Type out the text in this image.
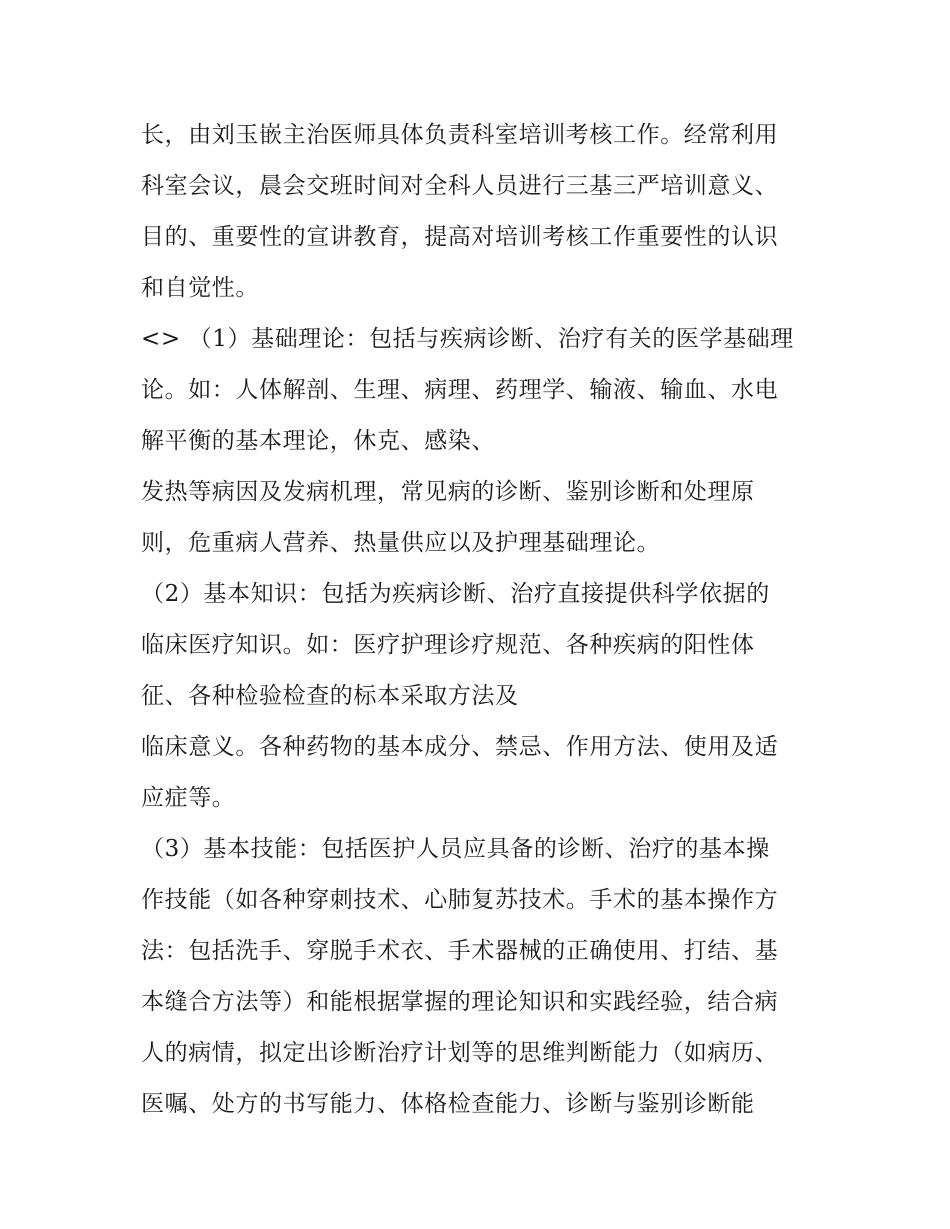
长，由刘玉嵌主治医师具体负责科室培训考核工作。经常利用
科室会议，晨会交班时间对全科人员进行三基三严培训意义、
目的、重要性的宣讲教育，提高对培训考核工作重要性的认识
和自觉性。
<> （1）基础理论：包括与疾病诊断、治疗有关的医学基础理
论。如：人体解剖、生理、病理、药理学、输液、输血、水电
解平衡的基本理论，休克、感染、
发热等病因及发病机理，常见病的诊断、鉴别诊断和处理原
则，危重病人营养、热量供应以及护理基础理论。
（2）基本知识：包括为疾病诊断、治疗直接提供科学依据的
临床医疗知识。如：医疗护理诊疗规范、各种疾病的阳性体
征、各种检验检查的标本采取方法及
临床意义。各种药物的基本成分、禁忌、作用方法、使用及适
应症等。
（3）基本技能：包括医护人员应具备的诊断、治疗的基本操
作技能（如各种穿刺技术、心肺复苏技术。手术的基本操作方
法：包括洗手、穿脱手术衣、手术器械的正确使用、打结、基
本缝合方法等）和能根据掌握的理论知识和实践经验，结合病
人的病情，拟定出诊断治疗计划等的思维判断能力（如病历、
医嘱、处方的书写能力、体格检查能力、诊断与鉴别诊断能
